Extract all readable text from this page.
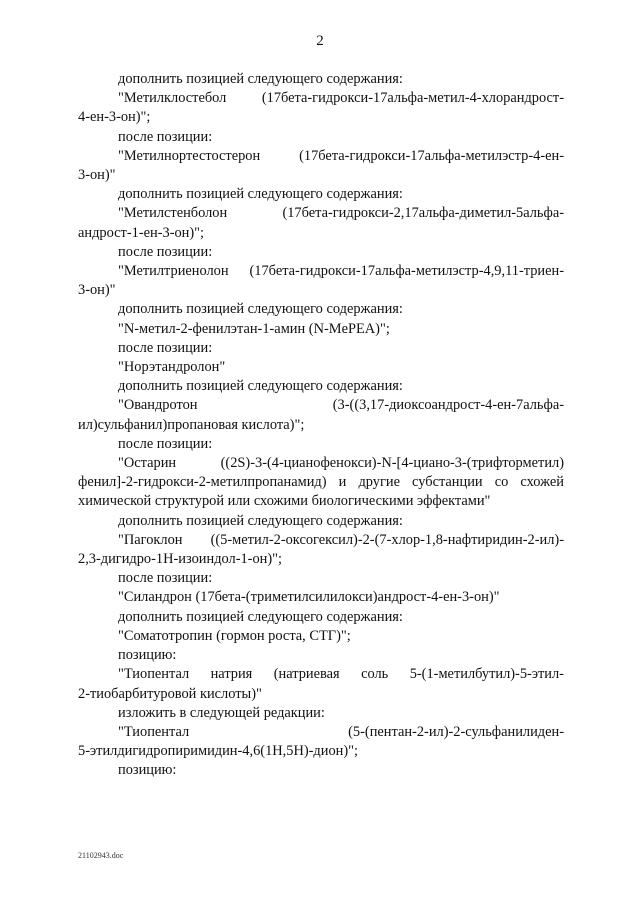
2
дополнить позицией следующего содержания:
"Метилклостебол (17бета-гидрокси-17альфа-метил-4-хлорандрост-
4-ен-3-он)";
после позиции:
"Метилнортестостерон	(17бета-гидрокси-17альфа-метилэстр-4-ен-
3-он)"
дополнить позицией следующего содержания:
"Метилстенболон	(17бета-гидрокси-2,17альфа-диметил-5альфа-
андрост-1-ен-3-он)";
после позиции:
"Метилтриенолон (17бета-гидрокси-17альфа-метилэстр-4,9,11-триен-
3-он)"
дополнить позицией следующего содержания:
"N-метил-2-фенилэтан-1-амин (N-MePEA)";
после позиции:
"Норэтандролон"
дополнить позицией следующего содержания:
"Овандротон	(3-((3,17-диоксоандрост-4-ен-7альфа-
ил)сульфанил)пропановая кислота)";
после позиции:
"Остарин	((2S)-3-(4-цианофенокси)-N-[4-циано-3-(трифторметил)
фенил]-2-гидрокси-2-метилпропанамид) и другие субстанции со схожей
химической структурой или схожими биологическими эффектами"
дополнить позицией следующего содержания:
"Пагоклон ((5-метил-2-оксогексил)-2-(7-хлор-1,8-нафтиридин-2-ил)-
2,3-дигидро-1Н-изоиндол-1-он)";
после позиции:
"Силандрон (17бета-(триметилсилилокси)андрост-4-ен-3-он)"
дополнить позицией следующего содержания:
"Соматотропин (гормон роста, СТГ)";
позицию:
"Тиопентал натрия (натриевая соль 5-(1-метилбутил)-5-этил-
2-тиобарбитуровой кислоты)"
изложить в следующей редакции:
"Тиопентал	(5-(пентан-2-ил)-2-сульфанилиден-
5-этилдигидропиримидин-4,6(1Н,5Н)-дион)";
позицию:
21102943.doc
